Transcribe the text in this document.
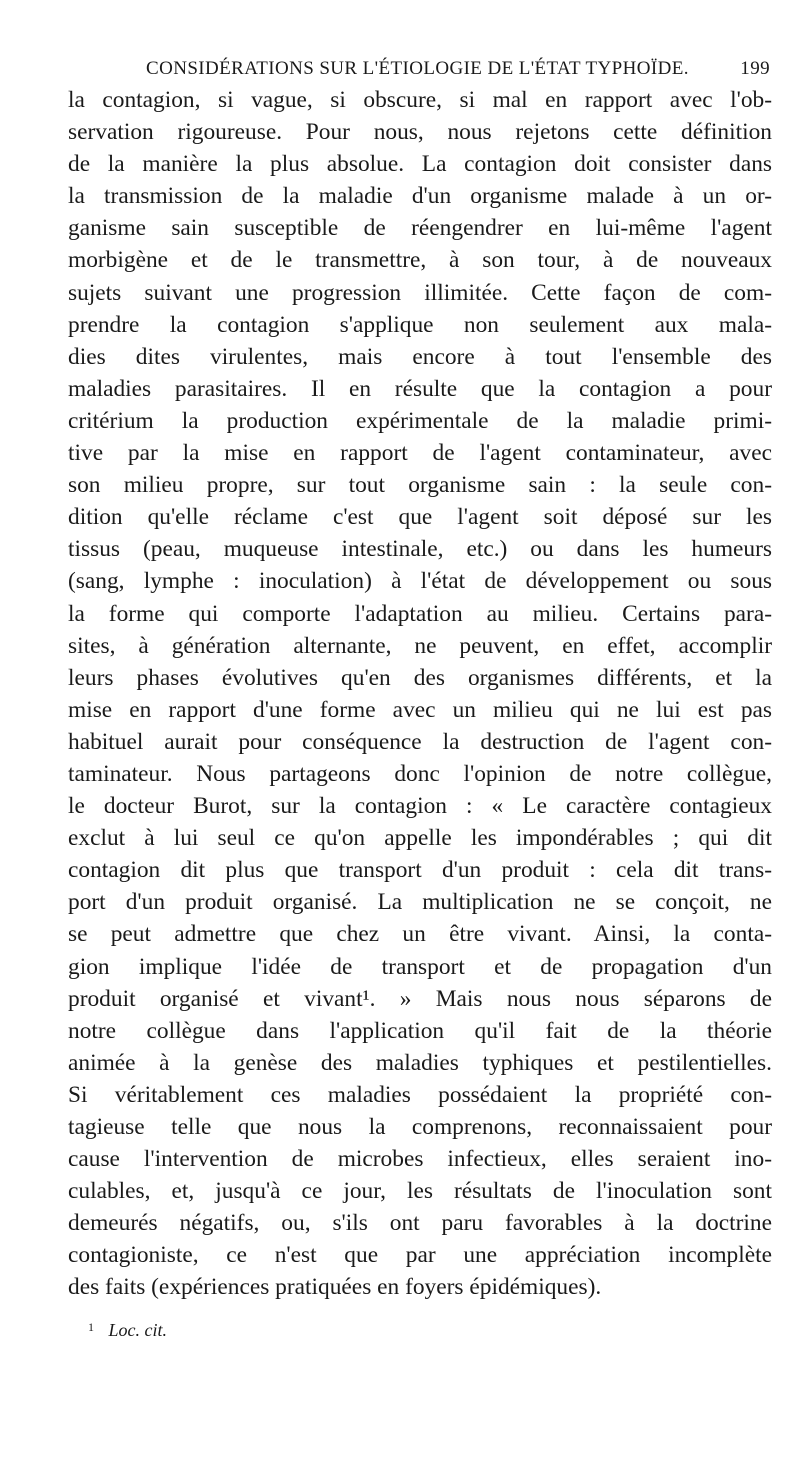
CONSIDÉRATIONS SUR L'ÉTIOLOGIE DE L'ÉTAT TYPHOÏDE.	199
la contagion, si vague, si obscure, si mal en rapport avec l'ob-
servation rigoureuse. Pour nous, nous rejetons cette définition
de la manière la plus absolue. La contagion doit consister dans
la transmission de la maladie d'un organisme malade à un or-
ganisme sain susceptible de réengendrer en lui-même l'agent
morbigène et de le transmettre, à son tour, à de nouveaux
sujets suivant une progression illimitée. Cette façon de com-
prendre la contagion s'applique non seulement aux mala-
dies dites virulentes, mais encore à tout l'ensemble des
maladies parasitaires. Il en résulte que la contagion a pour
critérium la production expérimentale de la maladie primi-
tive par la mise en rapport de l'agent contaminateur, avec
son milieu propre, sur tout organisme sain : la seule con-
dition qu'elle réclame c'est que l'agent soit déposé sur les
tissus (peau, muqueuse intestinale, etc.) ou dans les humeurs
(sang, lymphe : inoculation) à l'état de développement ou sous
la forme qui comporte l'adaptation au milieu. Certains para-
sites, à génération alternante, ne peuvent, en effet, accomplir
leurs phases évolutives qu'en des organismes différents, et la
mise en rapport d'une forme avec un milieu qui ne lui est pas
habituel aurait pour conséquence la destruction de l'agent con-
taminateur. Nous partageons donc l'opinion de notre collègue,
le docteur Burot, sur la contagion : « Le caractère contagieux
exclut à lui seul ce qu'on appelle les impondérables ; qui dit
contagion dit plus que transport d'un produit : cela dit trans-
port d'un produit organisé. La multiplication ne se conçoit, ne
se peut admettre que chez un être vivant. Ainsi, la conta-
gion implique l'idée de transport et de propagation d'un
produit organisé et vivant¹. » Mais nous nous séparons de
notre collègue dans l'application qu'il fait de la théorie
animée à la genèse des maladies typhiques et pestilentielles.
Si véritablement ces maladies possédaient la propriété con-
tagieuse telle que nous la comprenons, reconnaissaient pour
cause l'intervention de microbes infectieux, elles seraient ino-
culables, et, jusqu'à ce jour, les résultats de l'inoculation sont
demeurés négatifs, ou, s'ils ont paru favorables à la doctrine
contagioniste, ce n'est que par une appréciation incomplète
des faits (expériences pratiquées en foyers épidémiques).
$^1$ Loc. cit.
